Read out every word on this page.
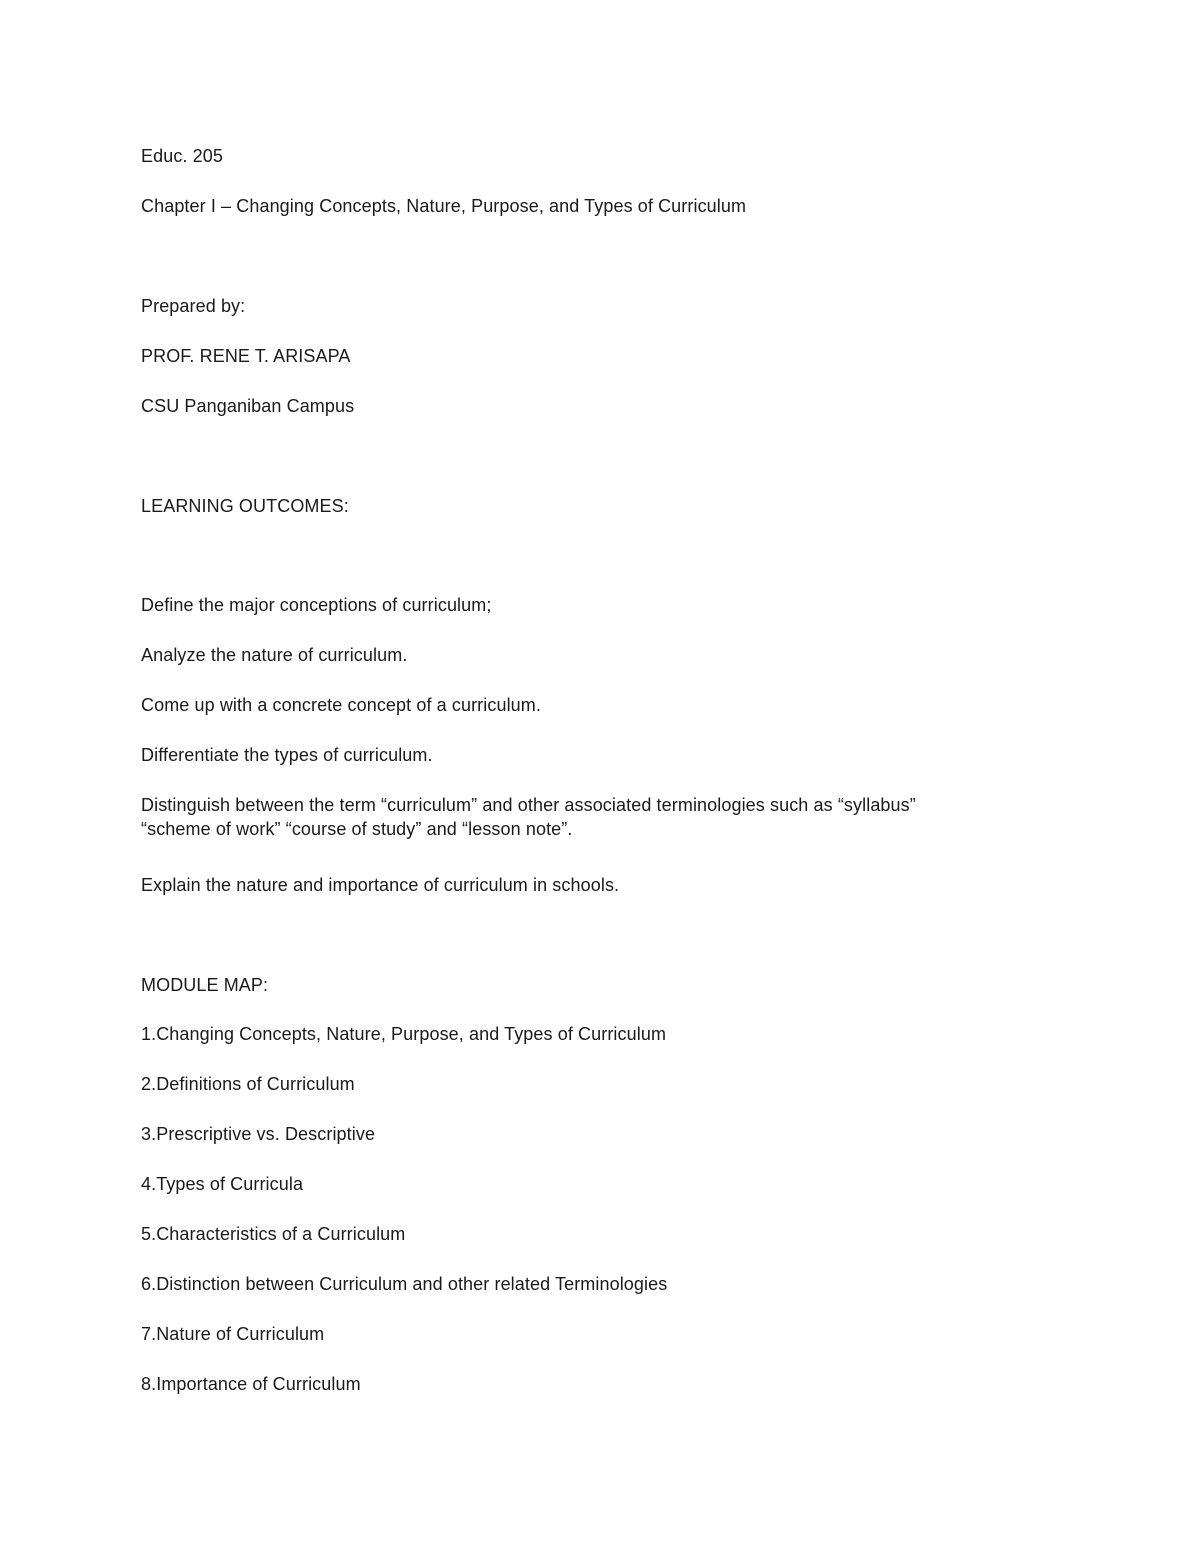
Educ. 205
Chapter I – Changing Concepts, Nature, Purpose, and Types of Curriculum
Prepared by:
PROF. RENE T. ARISAPA
CSU Panganiban Campus
LEARNING OUTCOMES:
Define the major conceptions of curriculum;
Analyze the nature of curriculum.
Come up with a concrete concept of a curriculum.
Differentiate the types of curriculum.
Distinguish between the term “curriculum” and other associated terminologies such as “syllabus”
“scheme of work” “course of study” and “lesson note”.
Explain the nature and importance of curriculum in schools.
MODULE MAP:
1.Changing Concepts, Nature, Purpose, and Types of Curriculum
2.Definitions of Curriculum
3.Prescriptive vs. Descriptive
4.Types of Curricula
5.Characteristics of a Curriculum
6.Distinction between Curriculum and other related Terminologies
7.Nature of Curriculum
8.Importance of Curriculum
